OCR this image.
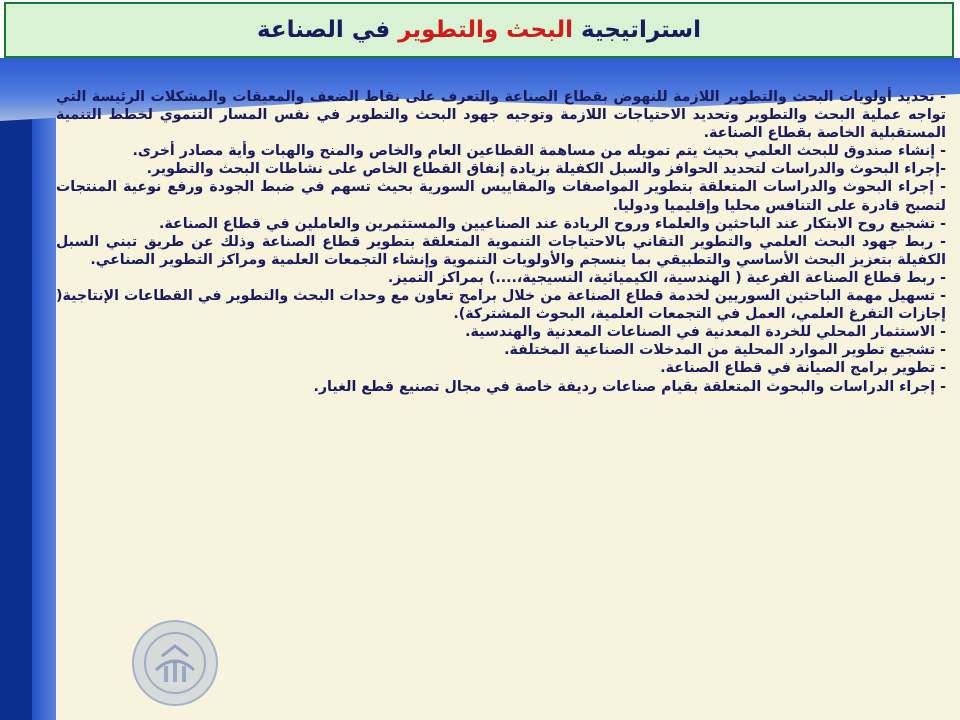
استراتيجية البحث والتطوير في الصناعة

- تحديد أولويات البحث والتطوير اللازمة للنهوض بقطاع الصناعة والتعرف على نقاط الضعف والمعيقات والمشكلات الرئيسة التي تواجه عملية البحث والتطوير وتحديد الاحتياجات اللازمة وتوجيه جهود البحث والتطوير في نفس المسار التنموي لخطط التنمية المستقبلية الخاصة بقطاع الصناعة.

- إنشاء صندوق للبحث العلمي بحيث يتم تمويله من مساهمة القطاعين العام والخاص والمنح والهبات وأية مصادر أخرى.

-إجراء البحوث والدراسات لتحديد الحوافز والسبل الكفيلة بزيادة إنفاق القطاع الخاص على نشاطات البحث والتطوير.

- إجراء البحوث والدراسات المتعلقة بتطوير المواصفات والمقاييس السورية بحيث تسهم في ضبط الجودة ورفع نوعية المنتجات لتصبح قادرة على التنافس محليا وإقليميا ودوليا.

- تشجيع روح الابتكار عند الباحثين والعلماء وروح الريادة عند الصناعيين والمستثمرين والعاملين في قطاع الصناعة.

- ربط جهود البحث العلمي والتطوير التقاني بالاحتياجات التنموية المتعلقة بتطوير قطاع الصناعة وذلك عن طريق تبني السبل الكفيلة بتعزيز البحث الأساسي والتطبيقي بما ينسجم والأولويات التنموية وإنشاء التجمعات العلمية ومراكز التطوير الصناعي.

- ربط قطاع الصناعة الفرعية ( الهندسية، الكيميائية، النسيجية،....) بمراكز التميز.

- تسهيل مهمة الباحثين السوريين لخدمة قطاع الصناعة من خلال برامج تعاون مع وحدات البحث والتطوير في القطاعات الإنتاجية( إجازات التفرغ العلمي، العمل في التجمعات العلمية، البحوث المشتركة).

- الاستثمار المحلي للخردة المعدنية في الصناعات المعدنية والهندسية.

- تشجيع تطوير الموارد المحلية من المدخلات الصناعية المختلفة.

- تطوير برامج الصيانة في قطاع الصناعة.

- إجراء الدراسات والبحوث المتعلقة بقيام صناعات رديفة خاصة في مجال تصنيع قطع الغيار.
